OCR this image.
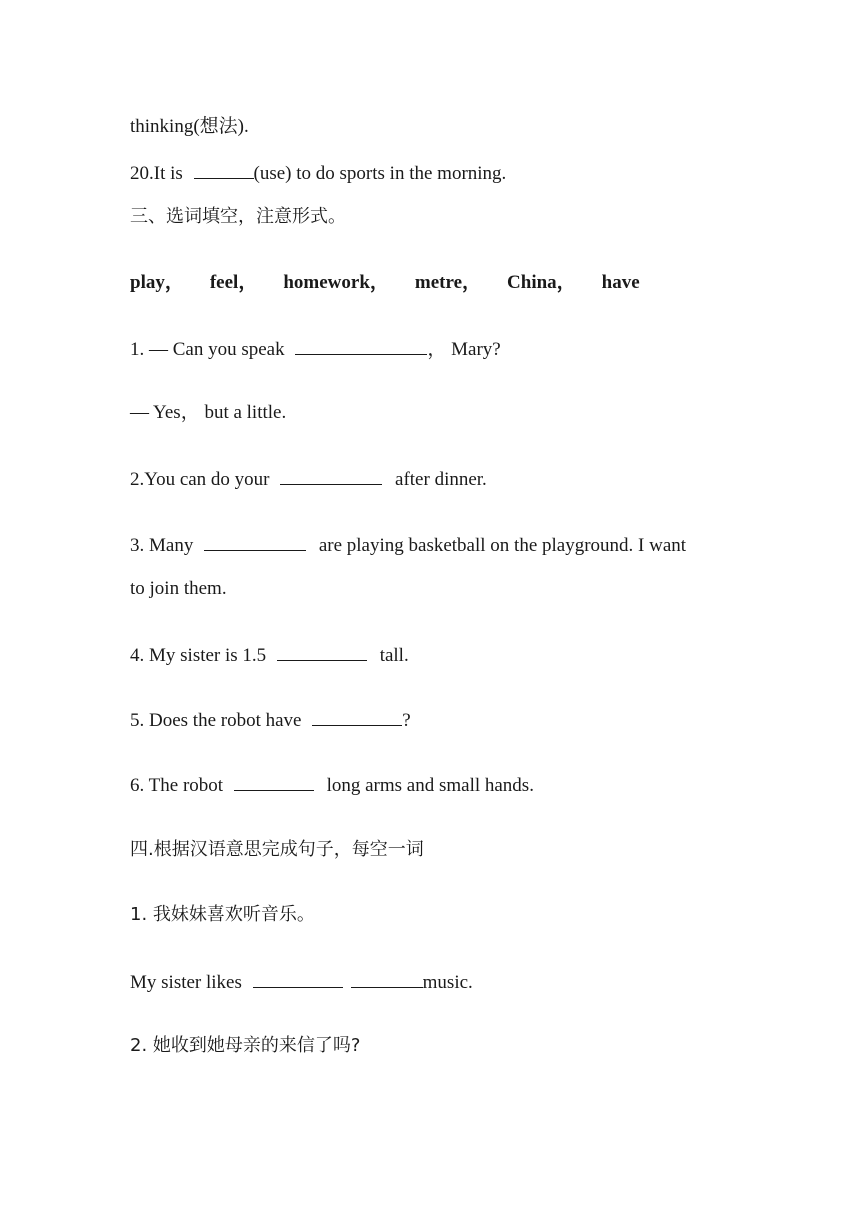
thinking(想法).
20.It is	(use) to do sports in the morning.
三、选词填空，注意形式。
play， feel， homework， metre， China， have
1. — Can you speak	， Mary?
— Yes， but a little.
2.You can do your	after dinner.
3. Many	are playing basketball on the playground. I want
to join them.
4. My sister is 1.5	tall.
5. Does the robot have	?
6. The robot	long arms and small hands.
四.根据汉语意思完成句子，每空一词
1. 我妹妹喜欢听音乐。
My sister likes	music.
2. 她收到她母亲的来信了吗?
